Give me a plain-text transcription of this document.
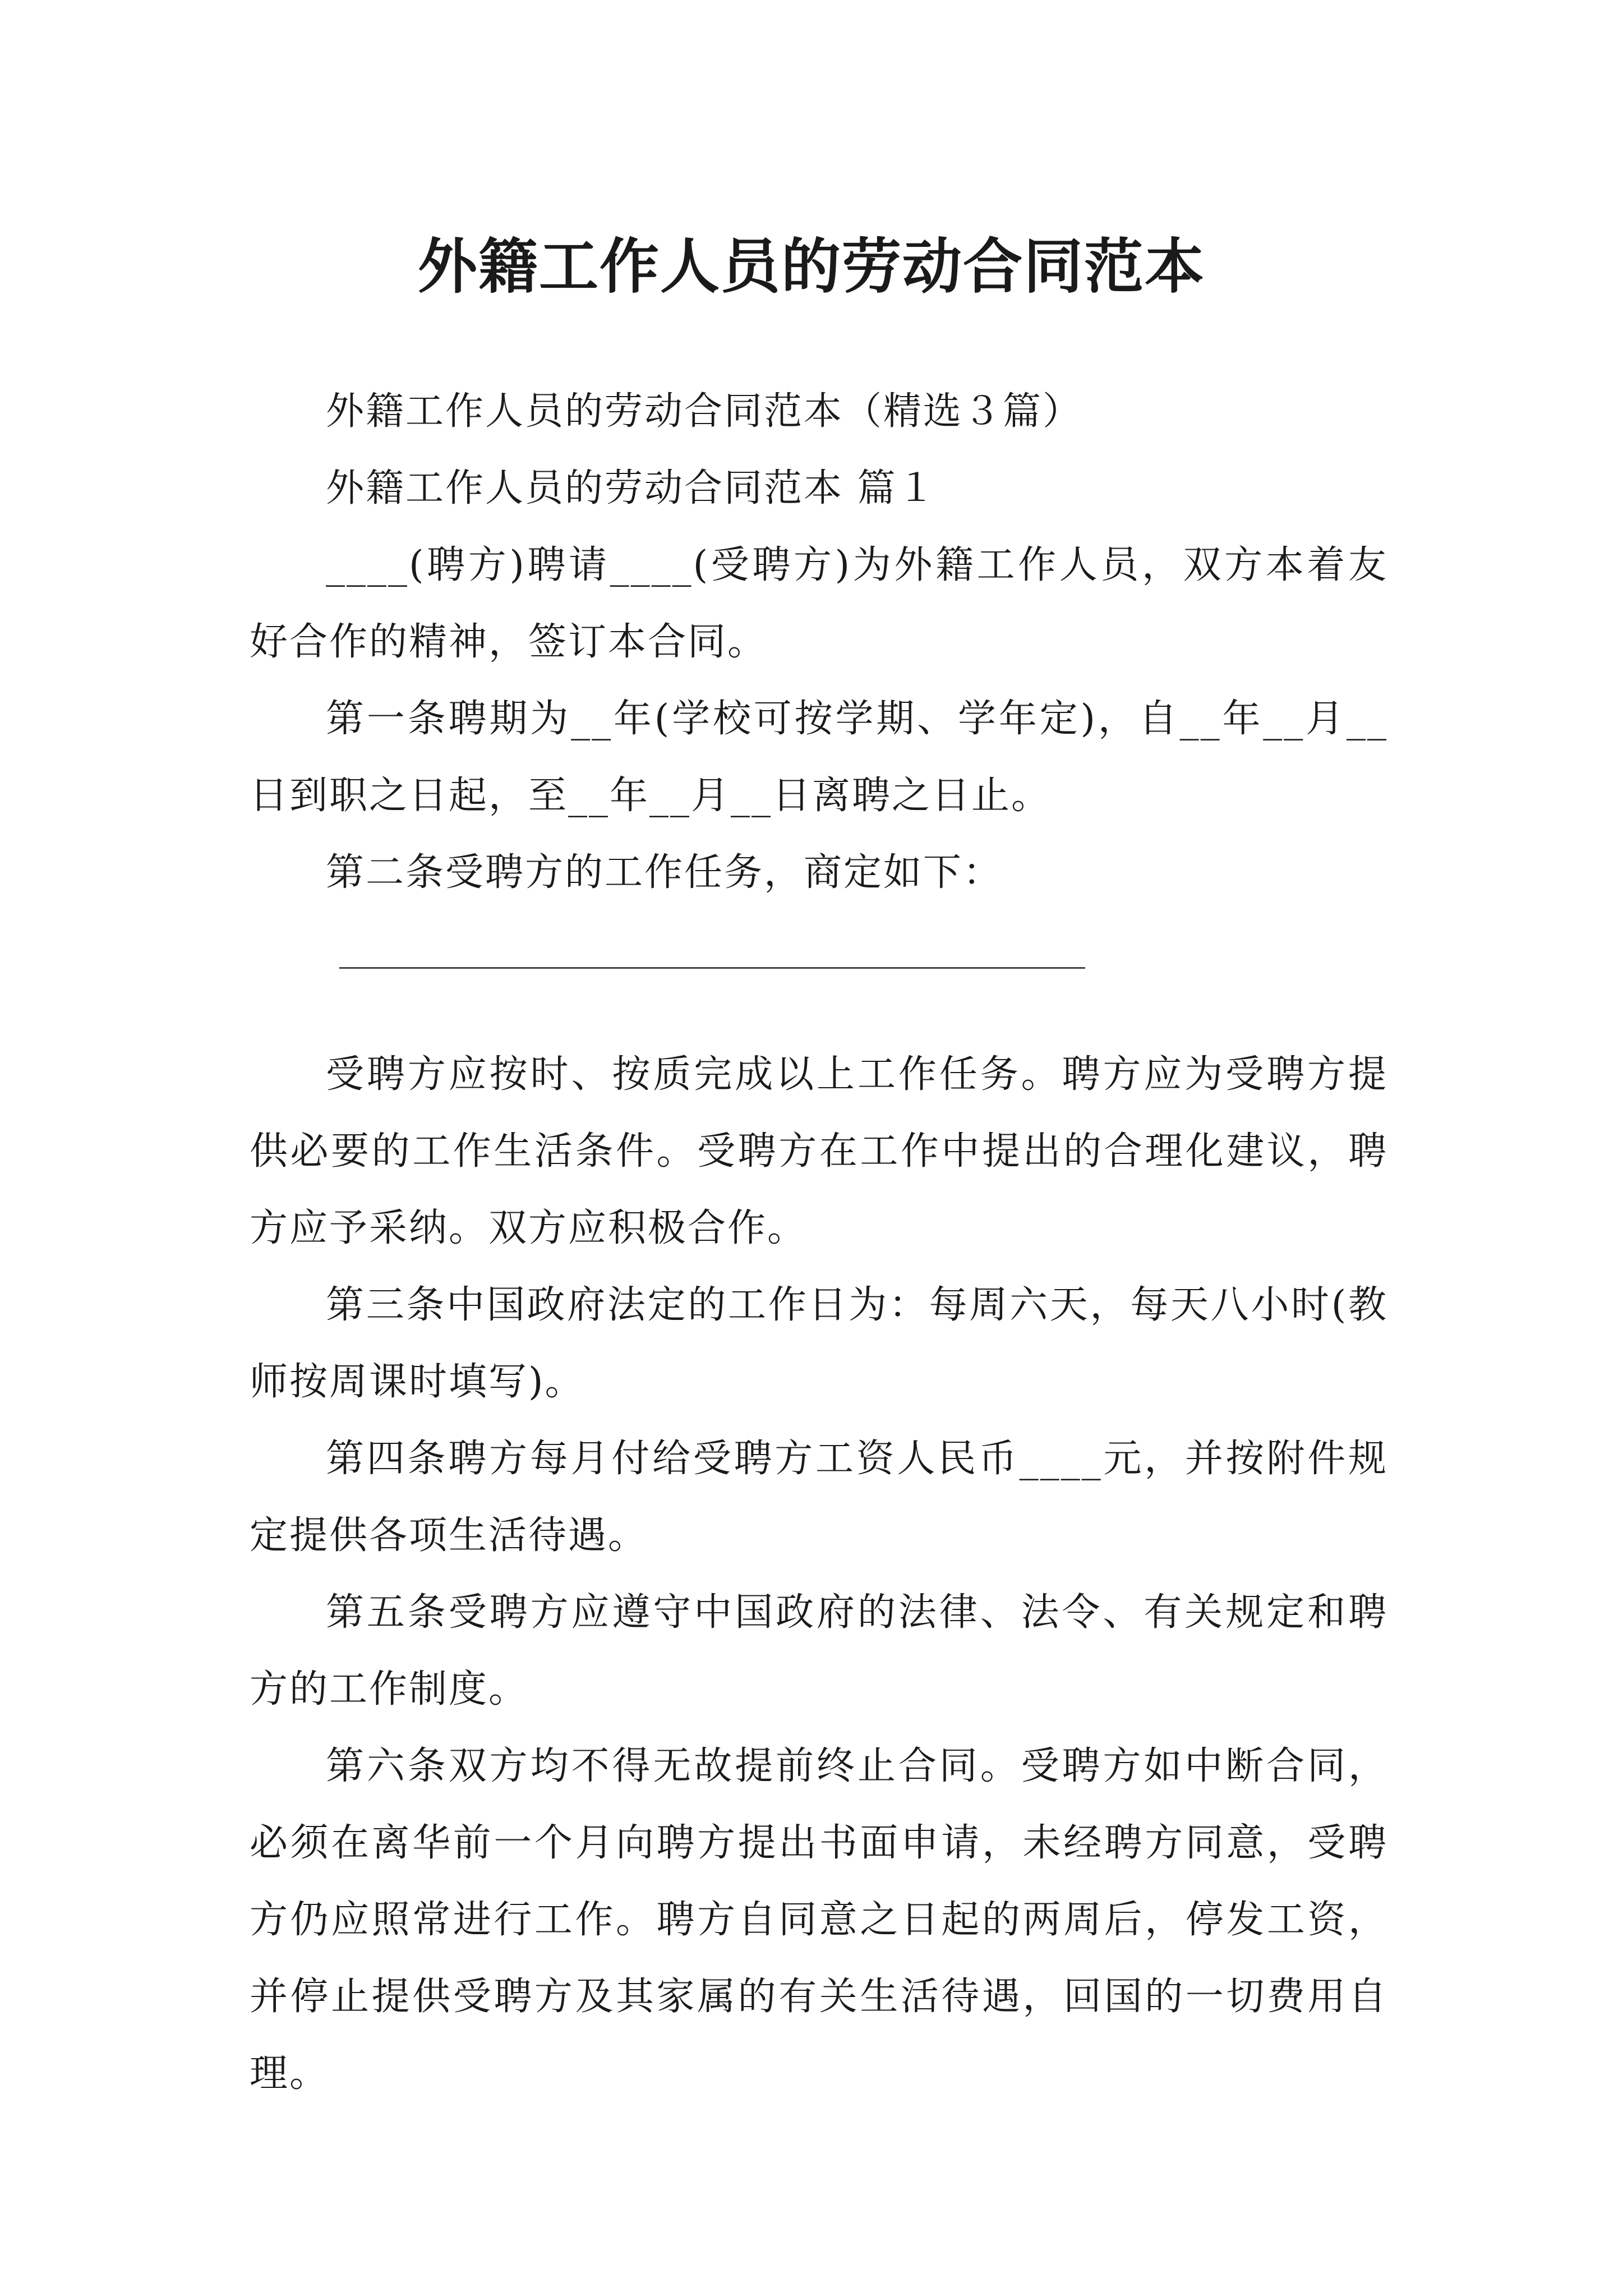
外籍工作人员的劳动合同范本

外籍工作人员的劳动合同范本（精选３篇）

外籍工作人员的劳动合同范本 篇１

____(聘方)聘请____(受聘方)为外籍工作人员，双方本着友好合作的精神，签订本合同。

第一条聘期为__年(学校可按学期、学年定)，自__年__月__日到职之日起，至__年__月__日离聘之日止。

第二条受聘方的工作任务，商定如下：

受聘方应按时、按质完成以上工作任务。聘方应为受聘方提供必要的工作生活条件。受聘方在工作中提出的合理化建议，聘方应予采纳。双方应积极合作。

第三条中国政府法定的工作日为：每周六天，每天八小时(教师按周课时填写)。

第四条聘方每月付给受聘方工资人民币____元，并按附件规定提供各项生活待遇。

第五条受聘方应遵守中国政府的法律、法令、有关规定和聘方的工作制度。

第六条双方均不得无故提前终止合同。受聘方如中断合同，必须在离华前一个月向聘方提出书面申请，未经聘方同意，受聘方仍应照常进行工作。聘方自同意之日起的两周后，停发工资，并停止提供受聘方及其家属的有关生活待遇，回国的一切费用自理。
